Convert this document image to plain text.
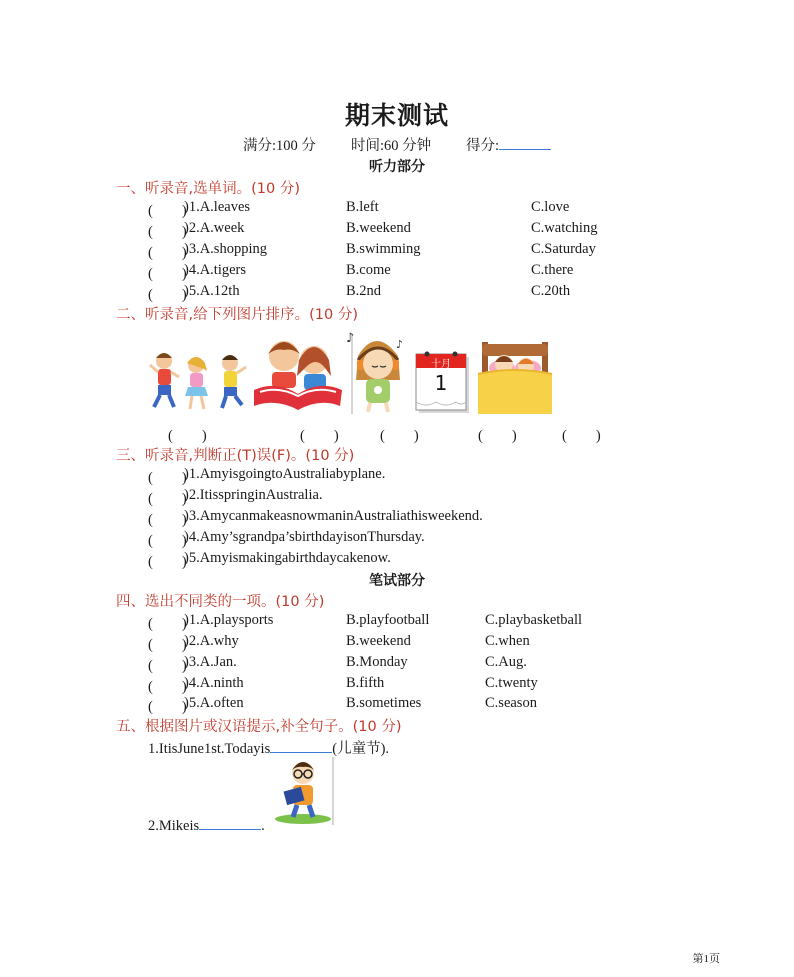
期末测试
满分:100 分 时间:60 分钟 得分:
听力部分
一、听录音,选单词。(10 分)
(　　)
)1.A.leaves	B.left	C.love
(　　)
)2.A.week	B.weekend	C.watching
(　　)
)3.A.shopping	B.swimming	C.Saturday
(　　)
)4.A.tigers	B.come	C.there
(　　)
)5.A.12th	B.2nd	C.20th
二、听录音,给下列图片排序。(10 分)
♪	♪
十月
1
(　　)	(　　)	(　　)	(　　)	(　　)
三、听录音,判断正(T)误(F)。(10 分)
(　　)
)1.AmyisgoingtoAustraliabyplane.
(　　)
)2.ItisspringinAustralia.
(　　)
)3.AmycanmakeasnowmaninAustraliathisweekend.
(　　)
)4.Amy’sgrandpa’sbirthdayisonThursday.
(　　)
)5.Amyismakingabirthdaycakenow.
笔试部分
四、选出不同类的一项。(10 分)
(　　)
)1.A.playsports	B.playfootball	C.playbasketball
(　　)
)2.A.why	B.weekend	C.when
(　　)
)3.A.Jan.	B.Monday	C.Aug.
(　　)
)4.A.ninth	B.fifth	C.twenty
(　　)
)5.A.often	B.sometimes	C.season
五、根据图片或汉语提示,补全句子。(10 分)
1.ItisJune1st.Todayis	(儿童节).
2.Mikeis	.
第1页
